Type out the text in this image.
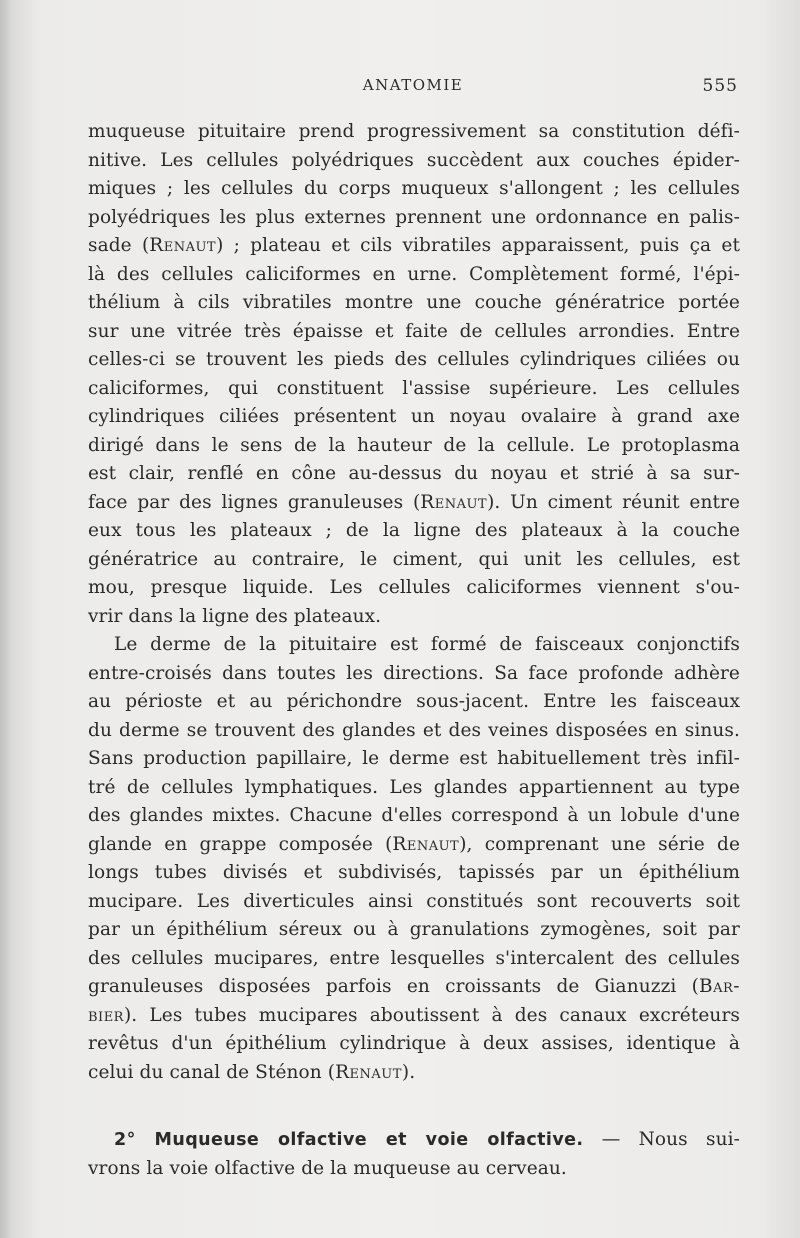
ANATOMIE	555
muqueuse pituitaire prend progressivement sa constitution défi-
nitive. Les cellules polyédriques succèdent aux couches épider-
miques ; les cellules du corps muqueux s'allongent ; les cellules
polyédriques les plus externes prennent une ordonnance en palis-
sade (Renaut) ; plateau et cils vibratiles apparaissent, puis ça et
là des cellules caliciformes en urne. Complètement formé, l'épi-
thélium à cils vibratiles montre une couche génératrice portée
sur une vitrée très épaisse et faite de cellules arrondies. Entre
celles-ci se trouvent les pieds des cellules cylindriques ciliées ou
caliciformes, qui constituent l'assise supérieure. Les cellules
cylindriques ciliées présentent un noyau ovalaire à grand axe
dirigé dans le sens de la hauteur de la cellule. Le protoplasma
est clair, renflé en cône au-dessus du noyau et strié à sa sur-
face par des lignes granuleuses (Renaut). Un ciment réunit entre
eux tous les plateaux ; de la ligne des plateaux à la couche
génératrice au contraire, le ciment, qui unit les cellules, est
mou, presque liquide. Les cellules caliciformes viennent s'ou-
vrir dans la ligne des plateaux.
Le derme de la pituitaire est formé de faisceaux conjonctifs
entre-croisés dans toutes les directions. Sa face profonde adhère
au périoste et au périchondre sous-jacent. Entre les faisceaux
du derme se trouvent des glandes et des veines disposées en sinus.
Sans production papillaire, le derme est habituellement très infil-
tré de cellules lymphatiques. Les glandes appartiennent au type
des glandes mixtes. Chacune d'elles correspond à un lobule d'une
glande en grappe composée (Renaut), comprenant une série de
longs tubes divisés et subdivisés, tapissés par un épithélium
mucipare. Les diverticules ainsi constitués sont recouverts soit
par un épithélium séreux ou à granulations zymogènes, soit par
des cellules mucipares, entre lesquelles s'intercalent des cellules
granuleuses disposées parfois en croissants de Gianuzzi (Bar-
bier). Les tubes mucipares aboutissent à des canaux excréteurs
revêtus d'un épithélium cylindrique à deux assises, identique à
celui du canal de Sténon (Renaut).
2° Muqueuse olfactive et voie olfactive. — Nous sui-
vrons la voie olfactive de la muqueuse au cerveau.
